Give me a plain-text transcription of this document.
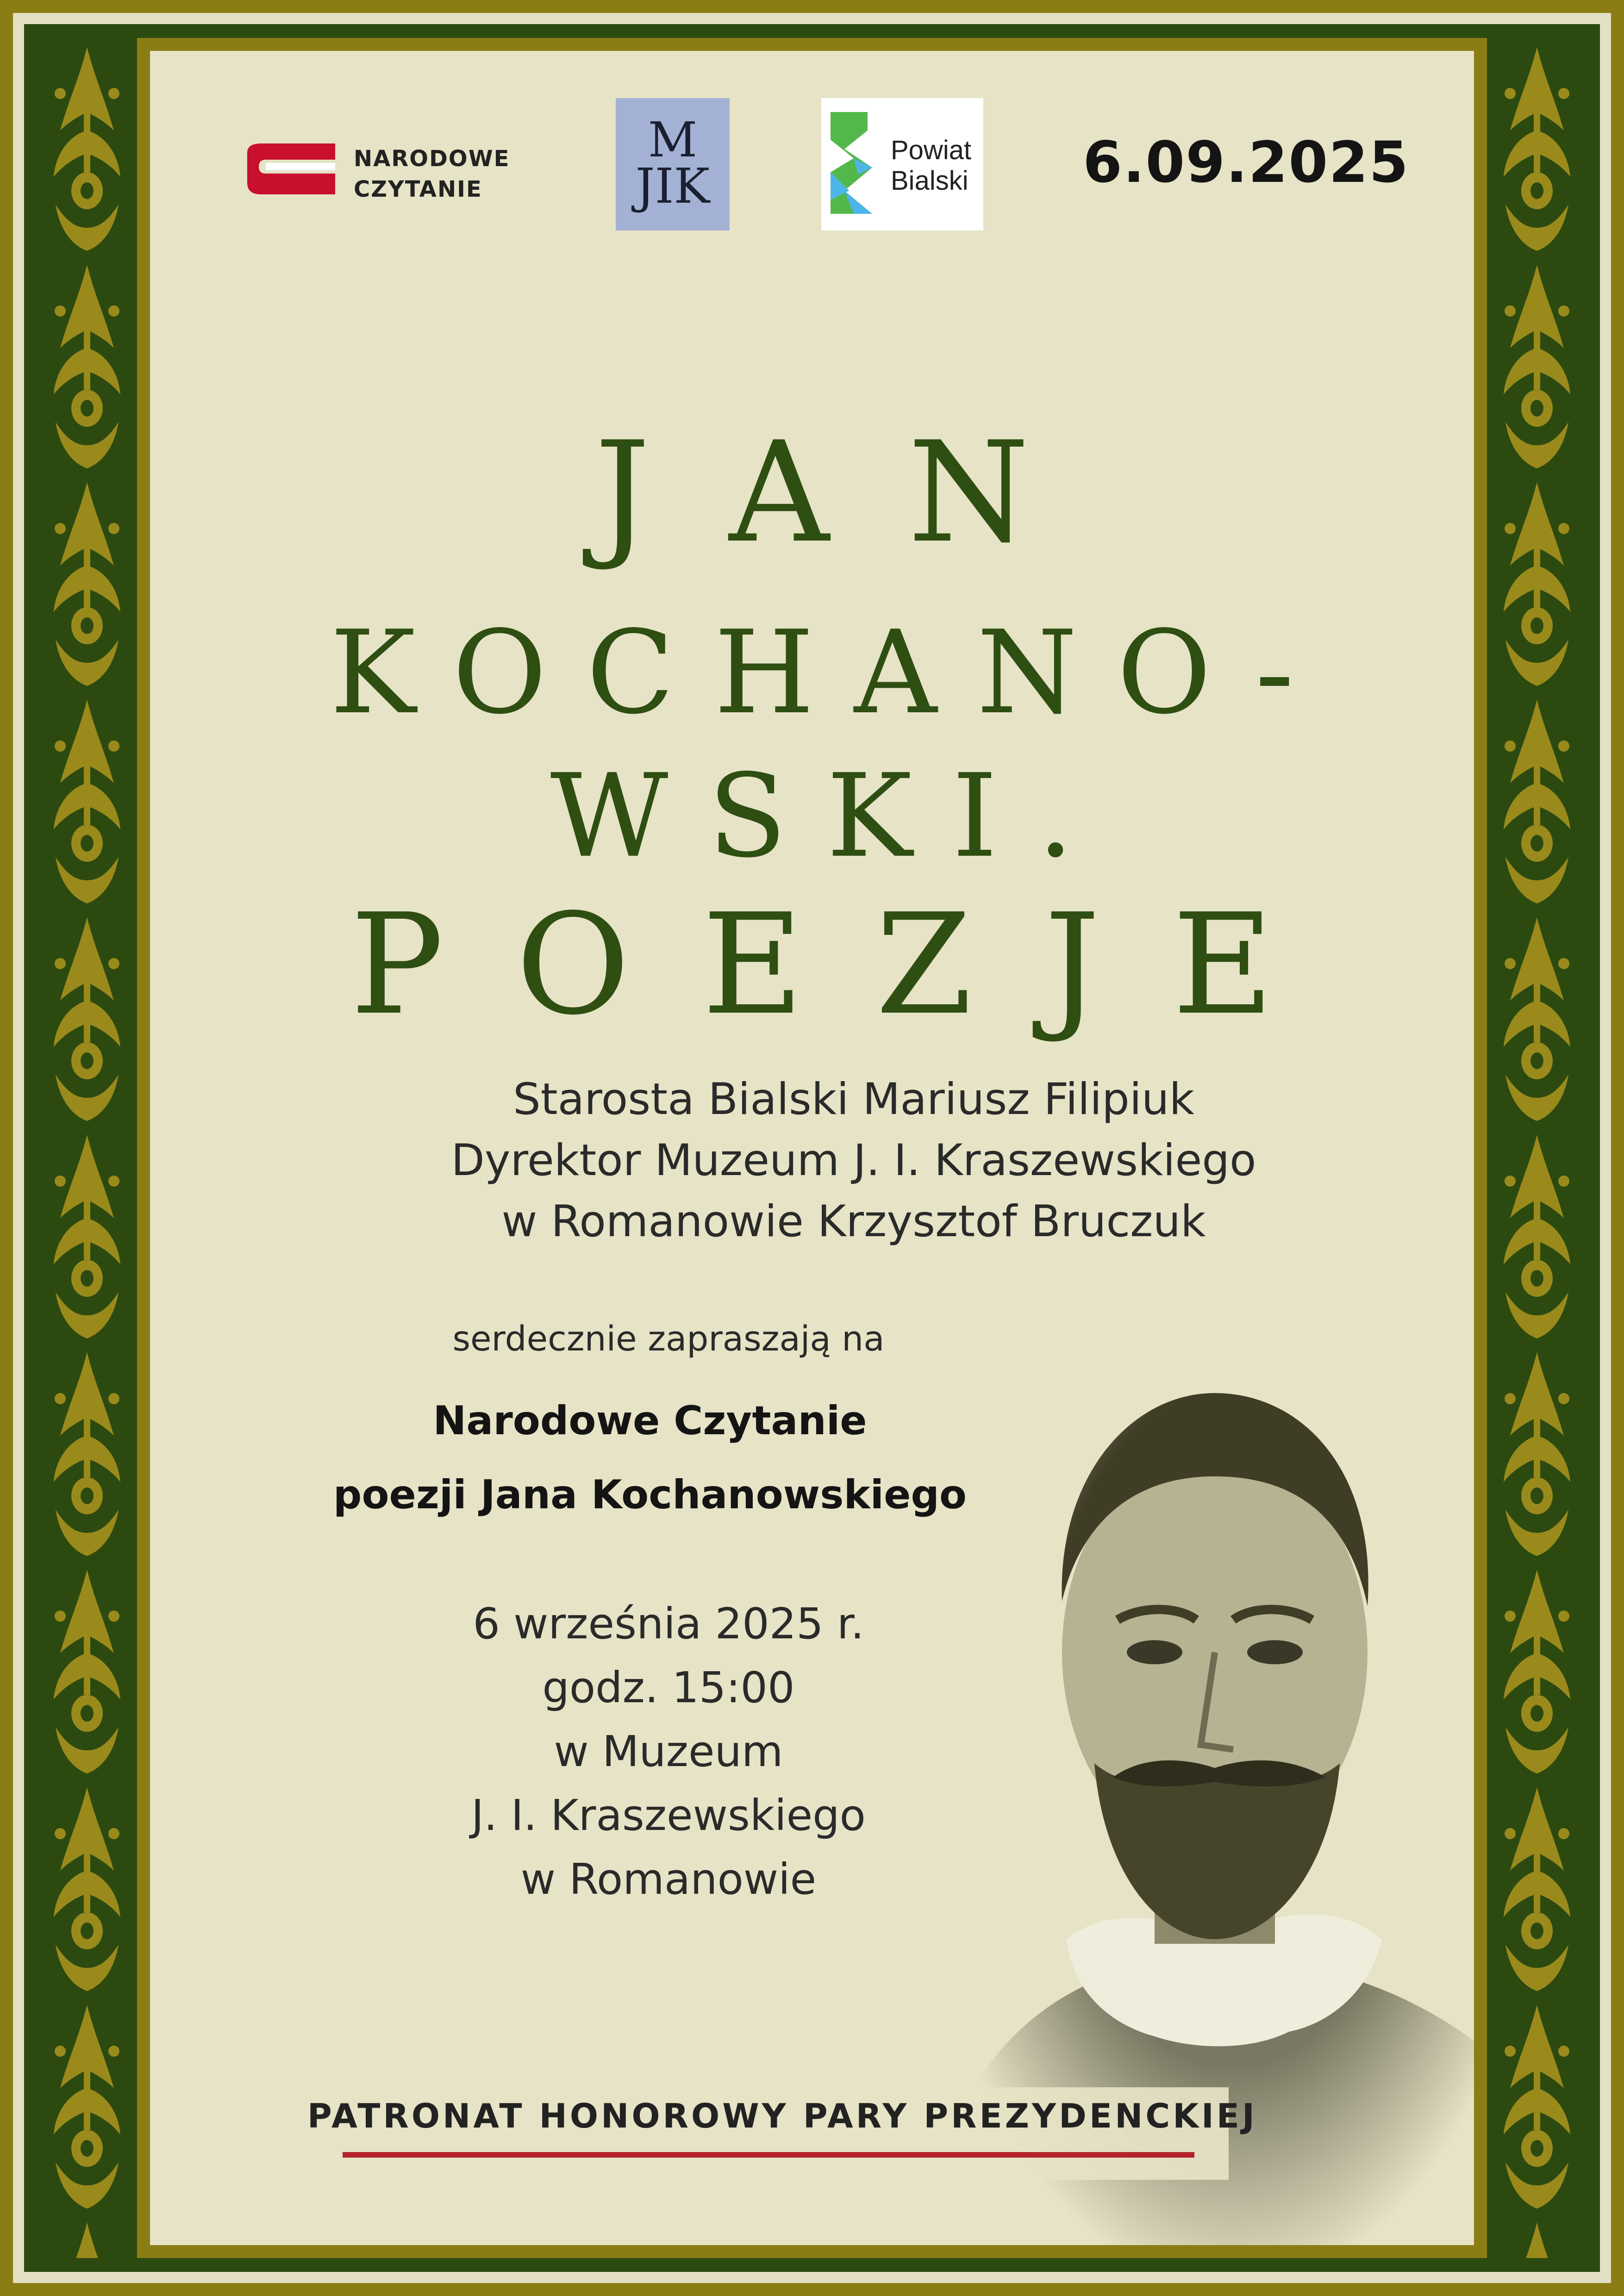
NARODOWE
CZYTANIE
M
JIK
Powiat
Bialski	6.09.2025
JAN
KOCHANO-
WSKI.
POEZJE
Starosta Bialski Mariusz Filipiuk
Dyrektor Muzeum J. I. Kraszewskiego
w Romanowie Krzysztof Bruczuk
serdecznie zapraszają na
Narodowe Czytanie
poezji Jana Kochanowskiego
6 września 2025 r.
godz. 15:00
w Muzeum
J. I. Kraszewskiego
w Romanowie
PATRONAT HONOROWY PARY PREZYDENCKIEJ
